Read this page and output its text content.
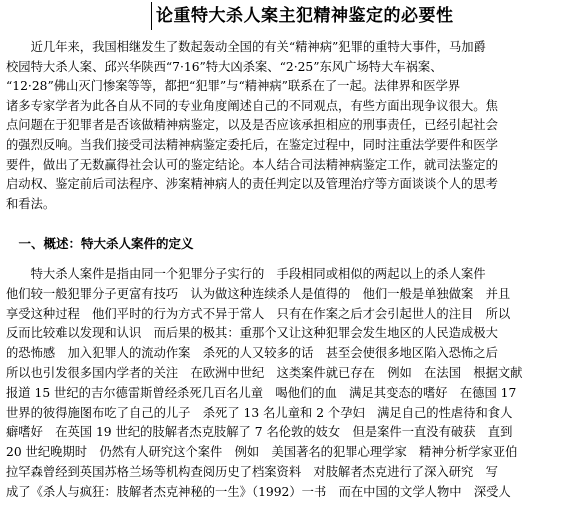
论重特大杀人案主犯精神鉴定的必要性
　　近几年来，我国相继发生了数起轰动全国的有关“精神病”犯罪的重特大事件，马加爵
校园特大杀人案、邱兴华陕西“7·16”特大凶杀案、“2·25”东风广场特大车祸案、
“12·28”佛山灭门惨案等等，都把“犯罪”与“精神病”联系在了一起。法律界和医学界
诸多专家学者为此各自从不同的专业角度阐述自己的不同观点，有些方面出现争议很大。焦
点问题在于犯罪者是否该做精神病鉴定，以及是否应该承担相应的刑事责任，已经引起社会
的强烈反响。当我们接受司法精神病鉴定委托后，在鉴定过程中，同时注重法学要件和医学
要件，做出了无数赢得社会认可的鉴定结论。本人结合司法精神病鉴定工作，就司法鉴定的
启动权、鉴定前后司法程序、涉案精神病人的责任判定以及管理治疗等方面谈谈个人的思考
和看法。
　一、概述：特大杀人案件的定义
　　特大杀人案件是指由同一个犯罪分子实行的　手段相同或相似的两起以上的杀人案件
他们较一般犯罪分子更富有技巧　认为做这种连续杀人是值得的　他们一般是单独做案　并且
享受这种过程　他们平时的行为方式不异于常人　只有在作案之后才会引起世人的注目　所以
反而比较难以发现和认识　而后果的极其：重那个又让这种犯罪会发生地区的人民造成极大
的恐怖感　加入犯罪人的流动作案　杀死的人又较多的话　甚至会使很多地区陷入恐怖之后
所以也引发很多国内学者的关注　在欧洲中世纪　这类案件就已存在　例如　在法国　根据文献
报道 15 世纪的吉尔德雷斯曾经杀死几百名儿童　喝他们的血　满足其变态的嗜好　在德国 17
世界的彼得施图布吃了自己的儿子　杀死了 13 名儿童和 2 个孕妇　满足自己的性虐待和食人
癖嗜好　在英国 19 世纪的肢解者杰克肢解了 7 名伦敦的妓女　但是案件一直没有破获　直到
20 世纪晚期时　仍然有人研究这个案件　例如　美国著名的犯罪心理学家　精神分析学家亚伯
拉罕森曾经到英国苏格兰场等机构查阅历史了档案资料　对肢解者杰克进行了深入研究　写
成了《杀人与疯狂：肢解者杰克神秘的一生》（1992）一书　而在中国的文学人物中　深受人
